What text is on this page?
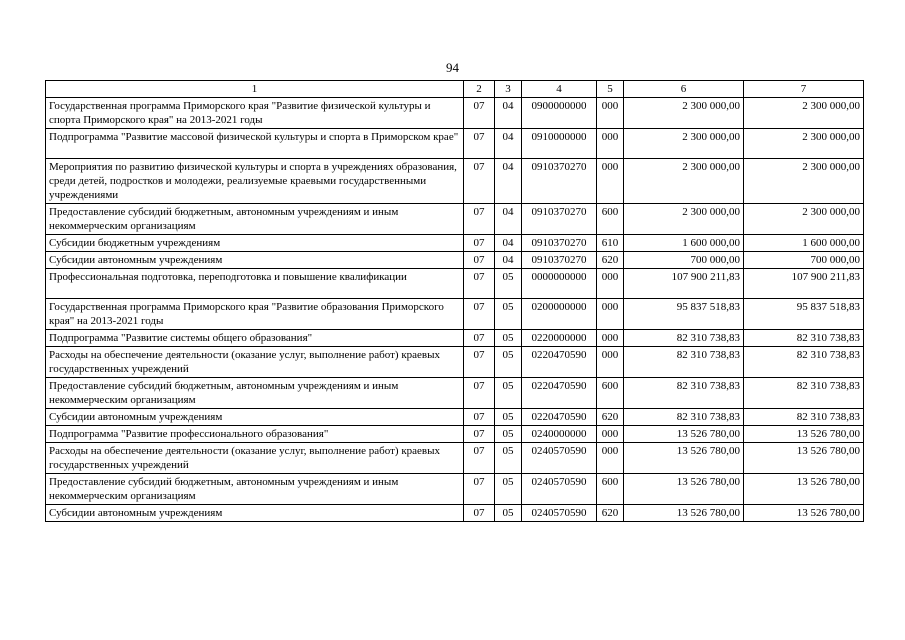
94
1	2	3	4	5	6	7
Государственная программа Приморского края "Развитие физической культуры и спорта Приморского края" на 2013-2021 годы	07	04	0900000000	000	2 300 000,00	2 300 000,00
Подпрограмма "Развитие массовой физической культуры и спорта в Приморском крае"	07	04	0910000000	000	2 300 000,00	2 300 000,00
Мероприятия по развитию физической культуры и спорта в учреждениях образования, среди детей, подростков и молодежи, реализуемые краевыми государственными учреждениями	07	04	0910370270	000	2 300 000,00	2 300 000,00
Предоставление субсидий бюджетным, автономным учреждениям и иным некоммерческим организациям	07	04	0910370270	600	2 300 000,00	2 300 000,00
Субсидии бюджетным учреждениям	07	04	0910370270	610	1 600 000,00	1 600 000,00
Субсидии автономным учреждениям	07	04	0910370270	620	700 000,00	700 000,00
Профессиональная подготовка, переподготовка и повышение квалификации	07	05	0000000000	000	107 900 211,83	107 900 211,83
Государственная программа Приморского края "Развитие образования Приморского края" на 2013-2021 годы	07	05	0200000000	000	95 837 518,83	95 837 518,83
Подпрограмма "Развитие системы общего образования"	07	05	0220000000	000	82 310 738,83	82 310 738,83
Расходы на обеспечение деятельности (оказание услуг, выполнение работ) краевых государственных учреждений	07	05	0220470590	000	82 310 738,83	82 310 738,83
Предоставление субсидий бюджетным, автономным учреждениям и иным некоммерческим организациям	07	05	0220470590	600	82 310 738,83	82 310 738,83
Субсидии автономным учреждениям	07	05	0220470590	620	82 310 738,83	82 310 738,83
Подпрограмма "Развитие профессионального образования"	07	05	0240000000	000	13 526 780,00	13 526 780,00
Расходы на обеспечение деятельности (оказание услуг, выполнение работ) краевых государственных учреждений	07	05	0240570590	000	13 526 780,00	13 526 780,00
Предоставление субсидий бюджетным, автономным учреждениям и иным некоммерческим организациям	07	05	0240570590	600	13 526 780,00	13 526 780,00
Субсидии автономным учреждениям	07	05	0240570590	620	13 526 780,00	13 526 780,00
